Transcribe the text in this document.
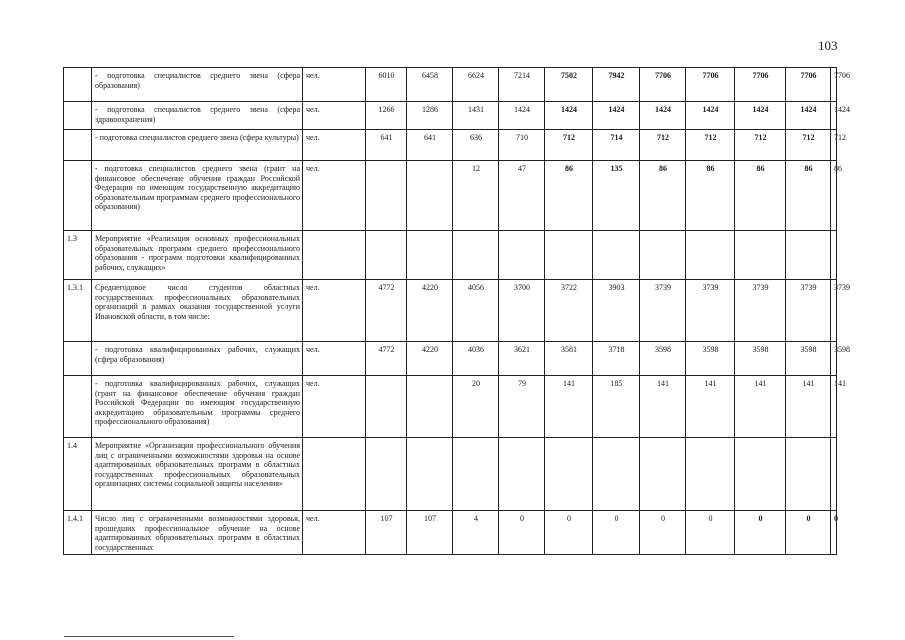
103
	- подготовка специалистов среднего звена (сфера образования)	чел.	6010	6458	6624	7214	7502	7942	7706	7706	7706	7706	7706	
	- подготовка специалистов среднего звена (сфера здравоохранения)	чел.	1266	1286	1431	1424	1424	1424	1424	1424	1424	1424	1424	
	- подготовка специалистов среднего звена (сфера культуры)	чел.	641	641	636	710	712	714	712	712	712	712	712	
	- подготовка специалистов среднего звена (грант на финансовое обеспечение обучения граждан Российской Федерации по имеющим государственную аккредитацию образовательным программам среднего профессионального образования)	чел.			12	47	86	135	86	86	86	86	86	
1.3	Мероприятие «Реализация основных профессиональных образовательных программ среднего профессионального образования - программ подготовки квалифицированных рабочих, служащих»													
1.3.1	Среднегодовое число студентов областных государственных профессиональных образовательных организаций в рамках оказания государственной услуги Ивановской области, в том числе:	чел.	4772	4220	4056	3700	3722	3903	3739	3739	3739	3739	3739	
	- подготовка квалифицированных рабочих, служащих (сфера образования)	чел.	4772	4220	4036	3621	3581	3718	3598	3598	3598	3598	3598	
	- подготовка квалифицированных рабочих, служащих (грант на финансовое обеспечение обучения граждан Российской Федерации по имеющим государственную аккредитацию образовательным программы среднего профессионального образования)	чел.			20	79	141	185	141	141	141	141	141	
1.4	Мероприятие «Организация профессионального обучения лиц с ограниченными возможностями здоровья на основе адаптированных образовательных программ в областных государственных профессиональных образовательных организациях системы социальной защиты населения»													
1.4.1	Число лиц с ограниченными возможностями здоровья, прошедших профессиональное обучение на основе адаптированных образовательных программ в областных государственных	чел.	107	107	4	0	0	0	0	0	0	0	0	
